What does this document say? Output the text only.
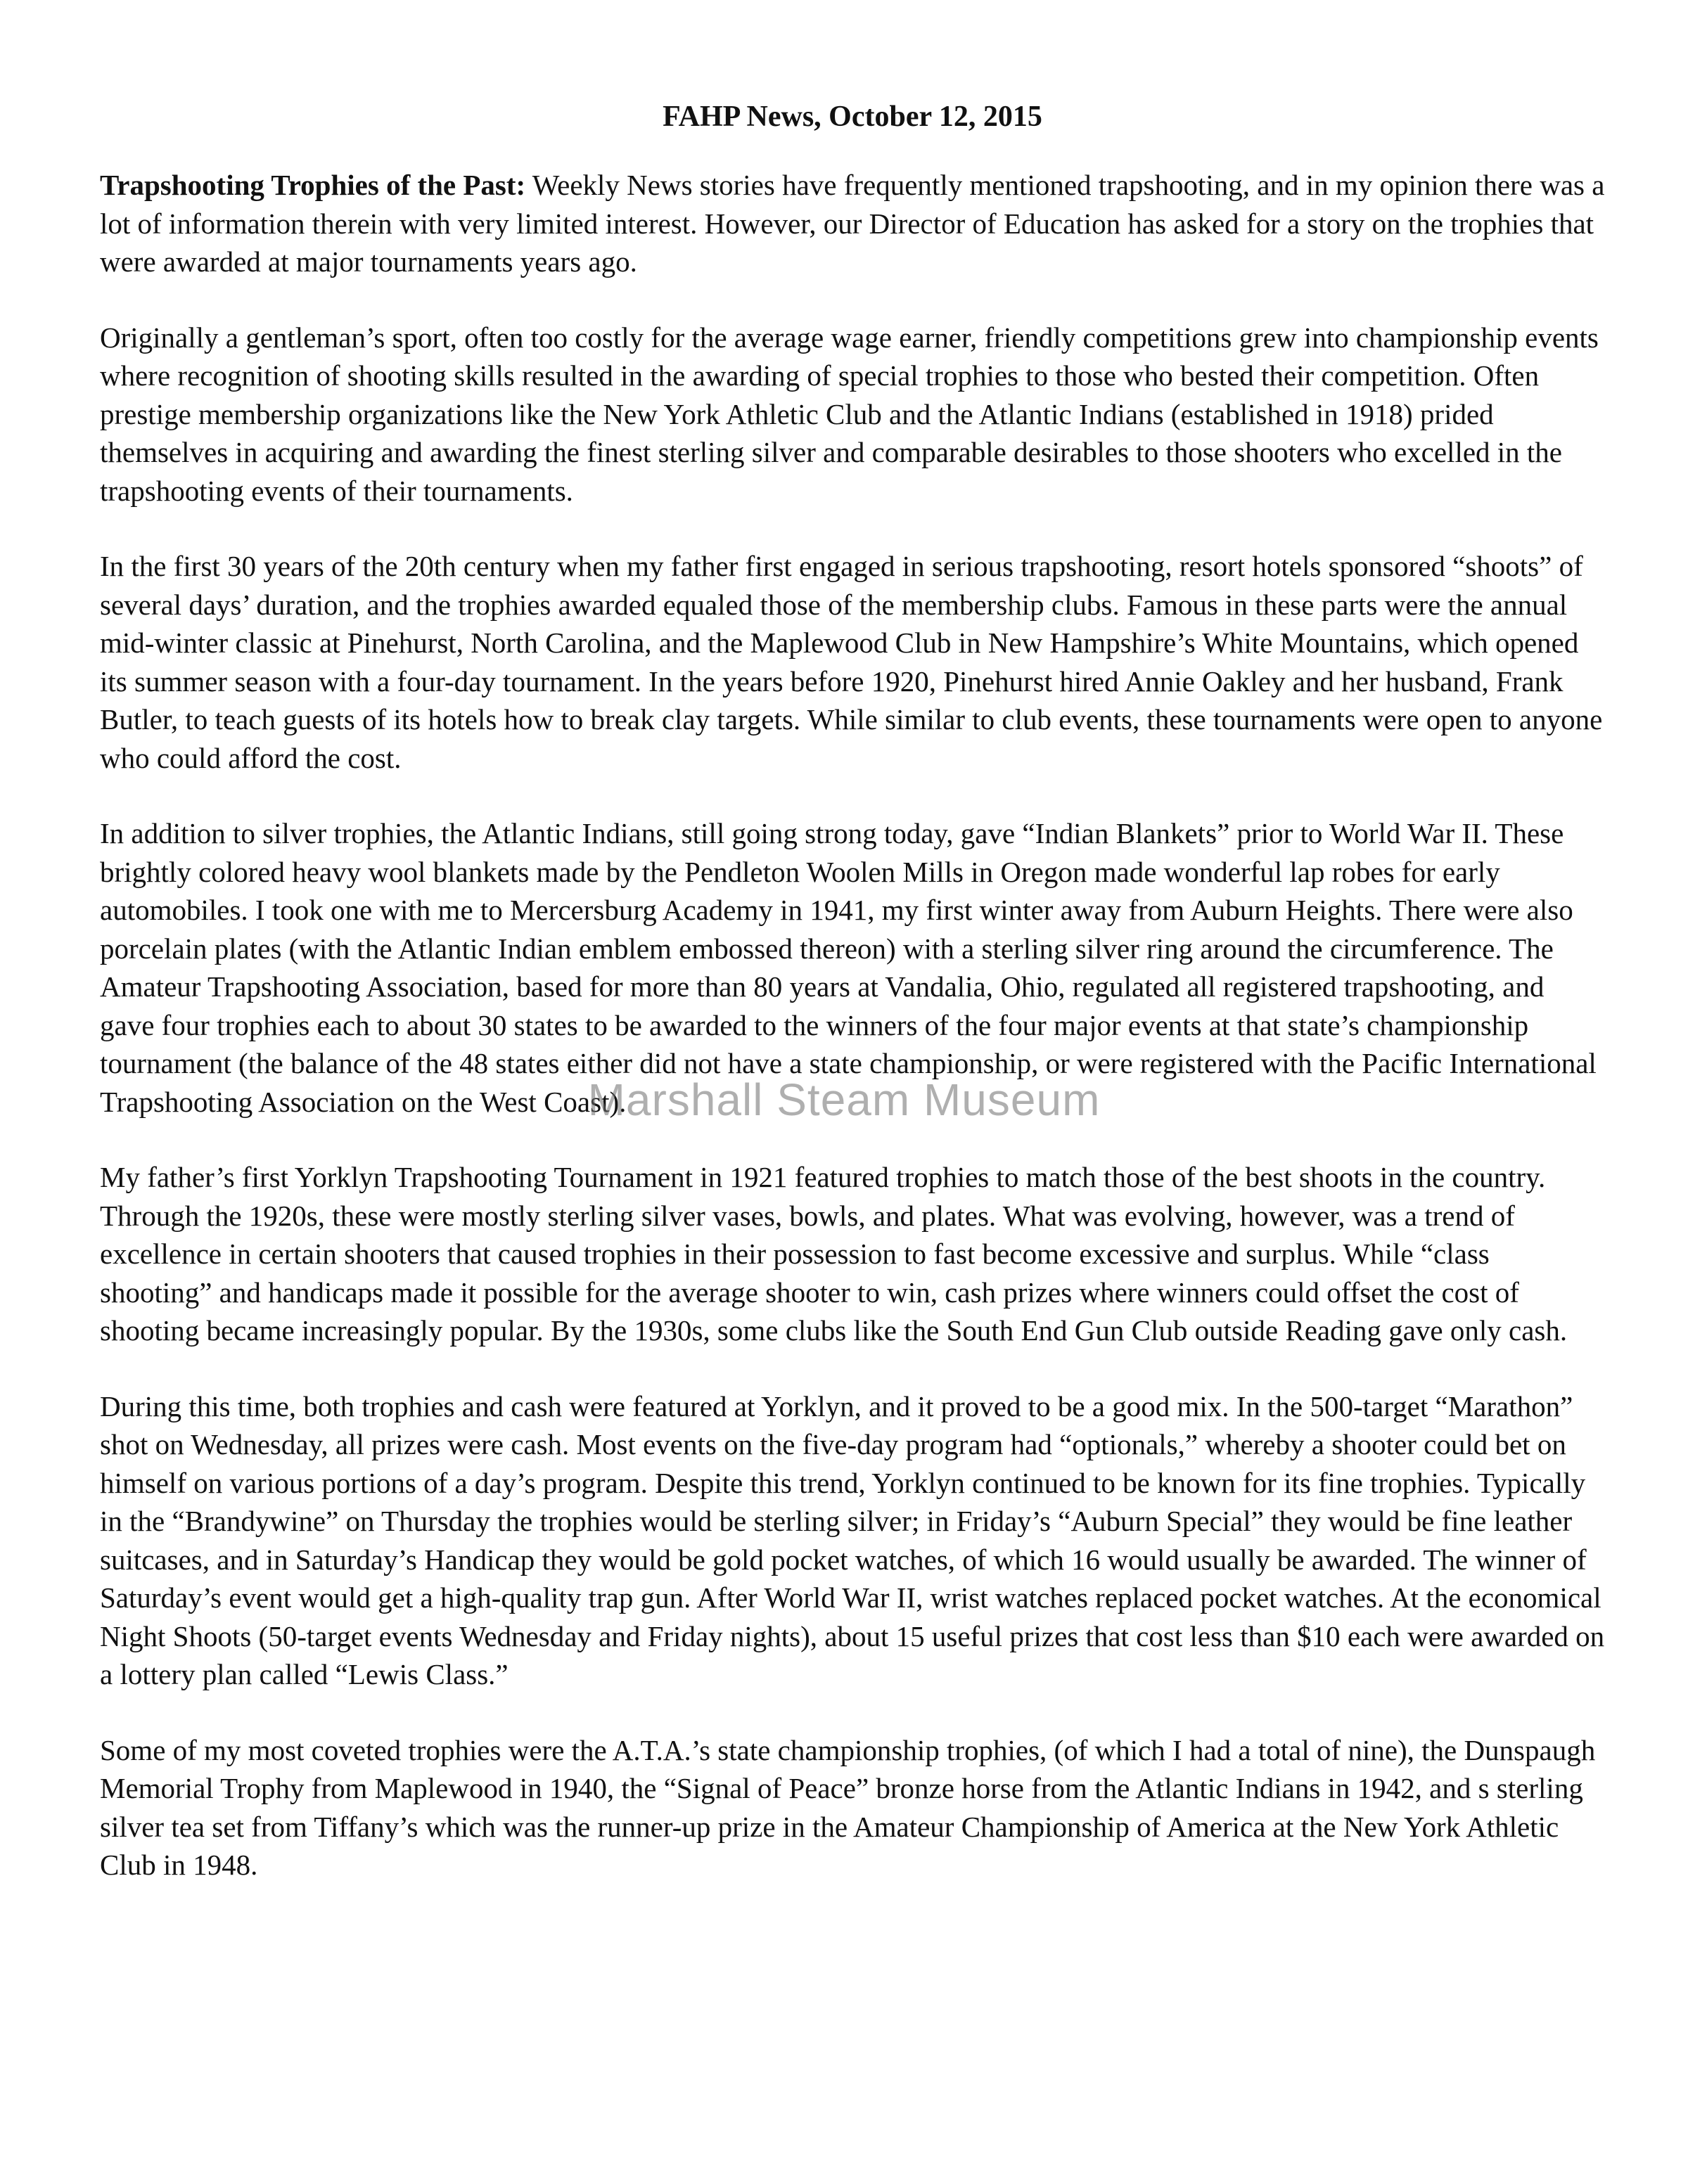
FAHP News, October 12, 2015

Trapshooting Trophies of the Past: Weekly News stories have frequently mentioned trapshooting, and in my opinion there was a lot of information therein with very limited interest. However, our Director of Education has asked for a story on the trophies that were awarded at major tournaments years ago.

Originally a gentleman’s sport, often too costly for the average wage earner, friendly competitions grew into championship events where recognition of shooting skills resulted in the awarding of special trophies to those who bested their competition. Often prestige membership organizations like the New York Athletic Club and the Atlantic Indians (established in 1918) prided themselves in acquiring and awarding the finest sterling silver and comparable desirables to those shooters who excelled in the trapshooting events of their tournaments.

In the first 30 years of the 20th century when my father first engaged in serious trapshooting, resort hotels sponsored “shoots” of several days’ duration, and the trophies awarded equaled those of the membership clubs. Famous in these parts were the annual mid-winter classic at Pinehurst, North Carolina, and the Maplewood Club in New Hampshire’s White Mountains, which opened its summer season with a four-day tournament. In the years before 1920, Pinehurst hired Annie Oakley and her husband, Frank Butler, to teach guests of its hotels how to break clay targets. While similar to club events, these tournaments were open to anyone who could afford the cost.

In addition to silver trophies, the Atlantic Indians, still going strong today, gave “Indian Blankets” prior to World War II. These brightly colored heavy wool blankets made by the Pendleton Woolen Mills in Oregon made wonderful lap robes for early automobiles. I took one with me to Mercersburg Academy in 1941, my first winter away from Auburn Heights. There were also porcelain plates (with the Atlantic Indian emblem embossed thereon) with a sterling silver ring around the circumference. The Amateur Trapshooting Association, based for more than 80 years at Vandalia, Ohio, regulated all registered trapshooting, and gave four trophies each to about 30 states to be awarded to the winners of the four major events at that state’s championship tournament (the balance of the 48 states either did not have a state championship, or were registered with the Pacific International Trapshooting Association on the West Coast).

My father’s first Yorklyn Trapshooting Tournament in 1921 featured trophies to match those of the best shoots in the country. Through the 1920s, these were mostly sterling silver vases, bowls, and plates. What was evolving, however, was a trend of excellence in certain shooters that caused trophies in their possession to fast become excessive and surplus. While “class shooting” and handicaps made it possible for the average shooter to win, cash prizes where winners could offset the cost of shooting became increasingly popular. By the 1930s, some clubs like the South End Gun Club outside Reading gave only cash.

During this time, both trophies and cash were featured at Yorklyn, and it proved to be a good mix. In the 500-target “Marathon” shot on Wednesday, all prizes were cash. Most events on the five-day program had “optionals,” whereby a shooter could bet on himself on various portions of a day’s program. Despite this trend, Yorklyn continued to be known for its fine trophies. Typically in the “Brandywine” on Thursday the trophies would be sterling silver; in Friday’s “Auburn Special” they would be fine leather suitcases, and in Saturday’s Handicap they would be gold pocket watches, of which 16 would usually be awarded. The winner of Saturday’s event would get a high-quality trap gun. After World War II, wrist watches replaced pocket watches. At the economical Night Shoots (50-target events Wednesday and Friday nights), about 15 useful prizes that cost less than $10 each were awarded on a lottery plan called “Lewis Class.”

Some of my most coveted trophies were the A.T.A.’s state championship trophies, (of which I had a total of nine), the Dunspaugh Memorial Trophy from Maplewood in 1940, the “Signal of Peace” bronze horse from the Atlantic Indians in 1942, and s sterling silver tea set from Tiffany’s which was the runner-up prize in the Amateur Championship of America at the New York Athletic Club in 1948.

Marshall Steam Museum
